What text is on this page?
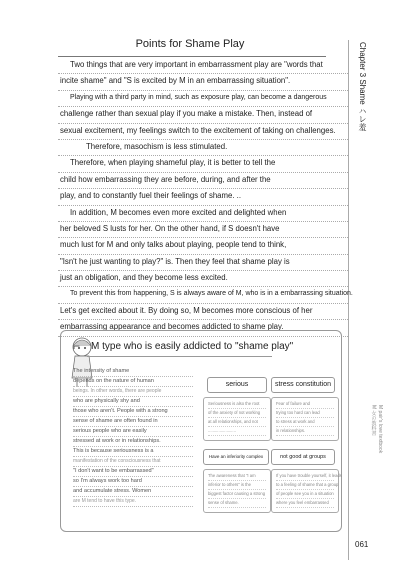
Points for Shame Play	Chapter 3 Shame ハレ羞
M pair's love textbook
M 女の教科書
061
Two things that are very important in embarrassment play are "words that
incite shame" and "S is excited by M in an embarrassing situation".
Playing with a third party in mind, such as exposure play, can become a dangerous
challenge rather than sexual play if you make a mistake. Then, instead of
sexual excitement, my feelings switch to the excitement of taking on challenges.
Therefore, masochism is less stimulated.
Therefore, when playing shameful play, it is better to tell the
child how embarrassing they are before, during, and after the
play, and to constantly fuel their feelings of shame. ..
In addition, M becomes even more excited and delighted when
her beloved S lusts for her. On the other hand, if S doesn't have
much lust for M and only talks about playing, people tend to think,
"Isn't he just wanting to play?" is. Then they feel that shame play is
just an obligation, and they become less excited.
To prevent this from happening, S is always aware of M, who is in a embarrassing situation.
Let's get excited about it. By doing so, M becomes more conscious of her
embarrassing appearance and becomes addicted to shame play.
⌐ M type who is easily addicted to "shame play"
The intensity of shame
depends on the nature of human
beings. In other words, there are people
who are physically shy and
those who aren't. People with a strong
sense of shame are often found in
serious people who are easily
stressed at work or in relationships.
This is because seriousness is a
manifestation of the consciousness that
"I don't want to be embarrassed"
so I'm always work too hard
and accumulate stress. Women
are M tend to have this type.
serious	stress constitution
Seriousness is also the root
of the anxiety of not working
at all relationships, and not
........................
Fear of failure and
trying too hard can lead
to stress at work and
in relationships.
Have an inferiority complex	not good at groups
The awareness that "I am
inferior to others" is the
biggest factor causing a strong
sense of shame.
If you have trouble yourself, it leads
to a feeling of shame that a group
of people see you in a situation
where you feel embarrassed
